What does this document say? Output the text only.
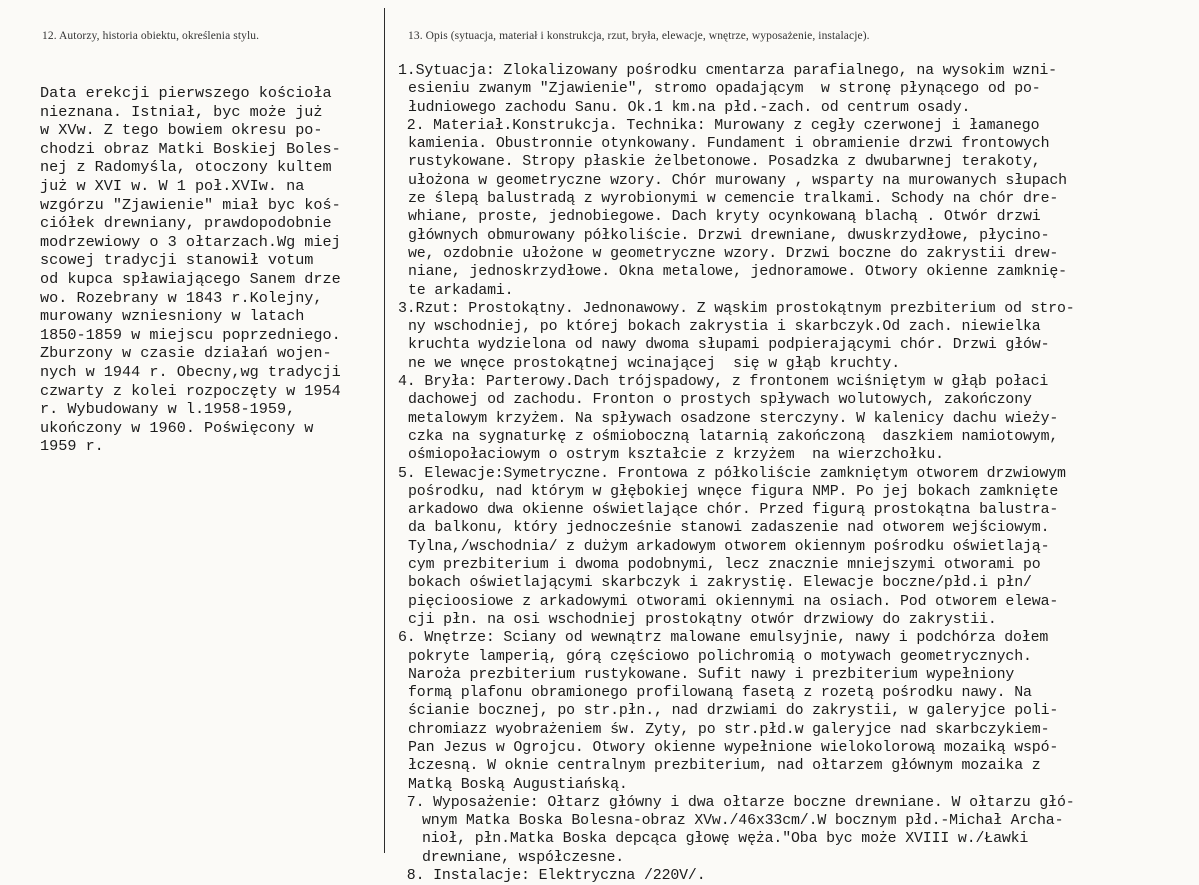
12. Autorzy, historia obiektu, określenia stylu.	13. Opis (sytuacja, materiał i konstrukcja, rzut, bryła, elewacje, wnętrze, wyposażenie, instalacje).
Data erekcji pierwszego kościoła
nieznana. Istniał, byc może już
w XVw. Z tego bowiem okresu po-
chodzi obraz Matki Boskiej Boles-
nej z Radomyśla, otoczony kultem
już w XVI w. W 1 poł.XVIw. na
wzgórzu "Zjawienie" miał byc koś-
ciółek drewniany, prawdopodobnie
modrzewiowy o 3 ołtarzach.Wg miej
scowej tradycji stanowił votum
od kupca spławiającego Sanem drze
wo. Rozebrany w 1843 r.Kolejny,
murowany wzniesniony w latach
1850-1859 w miejscu poprzedniego.
Zburzony w czasie działań wojen-
nych w 1944 r. Obecny,wg tradycji
czwarty z kolei rozpoczęty w 1954
r. Wybudowany w l.1958-1959,
ukończony w 1960. Poświęcony w
1959 r.
1.Sytuacja: Zlokalizowany pośrodku cmentarza parafialnego, na wysokim wzni-
esieniu zwanym "Zjawienie", stromo opadającym  w stronę płynącego od po-
łudniowego zachodu Sanu. Ok.1 km.na płd.-zach. od centrum osady.
2. Materiał.Konstrukcja. Technika: Murowany z cegły czerwonej i łamanego
kamienia. Obustronnie otynkowany. Fundament i obramienie drzwi frontowych
rustykowane. Stropy płaskie żelbetonowe. Posadzka z dwubarwnej terakoty,
ułożona w geometryczne wzory. Chór murowany , wsparty na murowanych słupach
ze ślepą balustradą z wyrobionymi w cemencie tralkami. Schody na chór dre-
whiane, proste, jednobiegowe. Dach kryty ocynkowaną blachą . Otwór drzwi
głównych obmurowany półkoliście. Drzwi drewniane, dwuskrzydłowe, płycino-
we, ozdobnie ułożone w geometryczne wzory. Drzwi boczne do zakrystii drew-
niane, jednoskrzydłowe. Okna metalowe, jednoramowe. Otwory okienne zamknię-
te arkadami.
3.Rzut: Prostokątny. Jednonawowy. Z wąskim prostokątnym prezbiterium od stro-
ny wschodniej, po której bokach zakrystia i skarbczyk.Od zach. niewielka
kruchta wydzielona od nawy dwoma słupami podpierającymi chór. Drzwi głów-
ne we wnęce prostokątnej wcinającej  się w głąb kruchty.
4. Bryła: Parterowy.Dach trójspadowy, z frontonem wciśniętym w głąb połaci
dachowej od zachodu. Fronton o prostych spływach wolutowych, zakończony
metalowym krzyżem. Na spływach osadzone sterczyny. W kalenicy dachu wieży-
czka na sygnaturkę z ośmioboczną latarnią zakończoną  daszkiem namiotowym,
ośmiopołaciowym o ostrym kształcie z krzyżem  na wierzchołku.
5. Elewacje:Symetryczne. Frontowa z półkoliście zamkniętym otworem drzwiowym
pośrodku, nad którym w głębokiej wnęce figura NMP. Po jej bokach zamknięte
arkadowo dwa okienne oświetlające chór. Przed figurą prostokątna balustra-
da balkonu, który jednocześnie stanowi zadaszenie nad otworem wejściowym.
Tylna,/wschodnia/ z dużym arkadowym otworem okiennym pośrodku oświetlają-
cym prezbiterium i dwoma podobnymi, lecz znacznie mniejszymi otworami po
bokach oświetlającymi skarbczyk i zakrystię. Elewacje boczne/płd.i płn/
pięcioosiowe z arkadowymi otworami okiennymi na osiach. Pod otworem elewa-
cji płn. na osi wschodniej prostokątny otwór drzwiowy do zakrystii.
6. Wnętrze: Sciany od wewnątrz malowane emulsyjnie, nawy i podchórza dołem
pokryte lamperią, górą częściowo polichromią o motywach geometrycznych.
Naroża prezbiterium rustykowane. Sufit nawy i prezbiterium wypełniony
formą plafonu obramionego profilowaną fasetą z rozetą pośrodku nawy. Na
ścianie bocznej, po str.płn., nad drzwiami do zakrystii, w galeryjce poli-
chromiazz wyobrażeniem św. Zyty, po str.płd.w galeryjce nad skarbczykiem-
Pan Jezus w Ogrojcu. Otwory okienne wypełnione wielokolorową mozaiką wspó-
łczesną. W oknie centralnym prezbiterium, nad ołtarzem głównym mozaika z
Matką Boską Augustiańską.
7. Wyposażenie: Ołtarz główny i dwa ołtarze boczne drewniane. W ołtarzu głó-
wnym Matka Boska Bolesna-obraz XVw./46x33cm/.W bocznym płd.-Michał Archa-
nioł, płn.Matka Boska depcąca głowę węża."Oba byc może XVIII w./Ławki
drewniane, współczesne.
8. Instalacje: Elektryczna /220V/.
